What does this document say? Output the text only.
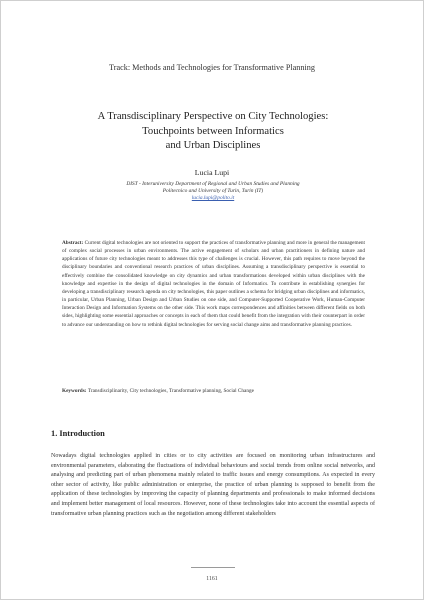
Track: Methods and Technologies for Transformative Planning
A Transdisciplinary Perspective on City Technologies:
Touchpoints between Informatics
and Urban Disciplines
Lucia Lupi
DIST - Interuniversity Department of Regional and Urban Studies and Planning
Politecnico and University of Turin, Turin (IT)
lucia.lupi@polito.it
Abstract: Current digital technologies are not oriented to support the practices of transformative planning and more in general the management of complex social processes in urban environments. The active engagement of scholars and urban practitioners in defining nature and applications of future city technologies meant to addresses this type of challenges is crucial. However, this path requires to move beyond the disciplinary boundaries and conventional research practices of urban disciplines. Assuming a transdisciplinary perspective is essential to effectively combine the consolidated knowledge on city dynamics and urban transformations developed within urban disciplines with the knowledge and expertise in the design of digital technologies in the domain of Informatics. To contribute in establishing synergies for developing a transdisciplinary research agenda on city technologies, this paper outlines a schema for bridging urban disciplines and informatics, in particular, Urban Planning, Urban Design and Urban Studies on one side, and Computer-Supported Cooperative Work, Human-Computer Interaction Design and Information Systems on the other side. This work maps correspondences and affinities between different fields on both sides, highlighting some essential approaches or concepts in each of them that could benefit from the integration with their counterpart in order to advance our understanding on how to rethink digital technologies for serving social change aims and transformative planning practices.
Keywords: Transdisciplinarity, City technologies, Transformative planning, Social Change
1. Introduction
Nowadays digital technologies applied in cities or to city activities are focused on monitoring urban infrastructures and environmental parameters, elaborating the fluctuations of individual behaviours and social trends from online social networks, and analysing and predicting part of urban phenomena mainly related to traffic issues and energy consumptions. As expected in every other sector of activity, like public administration or enterprise, the practice of urban planning is supposed to benefit from the application of these technologies by improving the capacity of planning departments and professionals to make informed decisions and implement better management of local resources. However, none of these technologies take into account the essential aspects of transformative urban planning practices such as the negotiation among different stakeholders
1161
